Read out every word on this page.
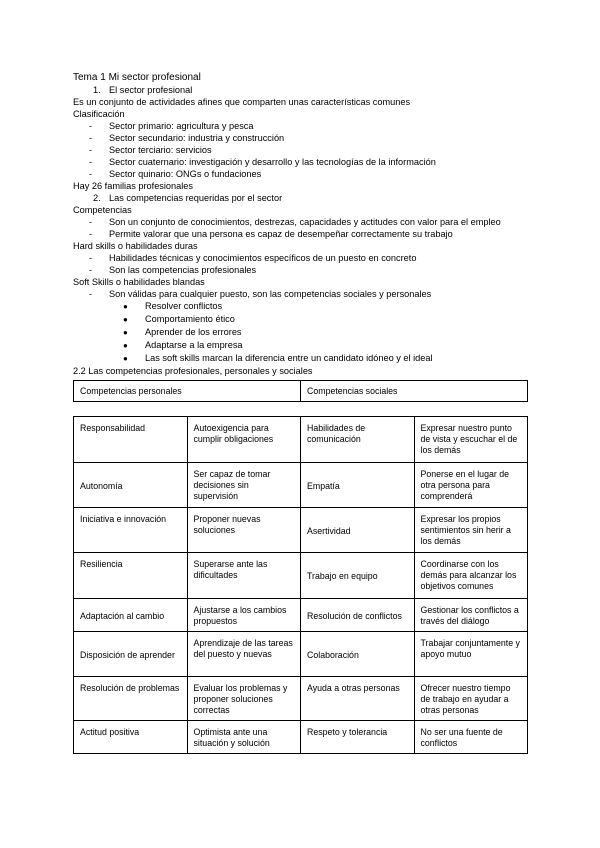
Tema 1 Mi sector profesional
1. El sector profesional
Es un conjunto de actividades afines que comparten unas características comunes
Clasificación
- Sector primario: agricultura y pesca
- Sector secundario: industria y construcción
- Sector terciario: servicios
- Sector cuaternario: investigación y desarrollo y las tecnologías de la información
- Sector quinario: ONGs o fundaciones
Hay 26 familias profesionales
2. Las competencias requeridas por el sector
Competencias
- Son un conjunto de conocimientos, destrezas, capacidades y actitudes con valor para el empleo
- Permite valorar que una persona es capaz de desempeñar correctamente su trabajo
Hard skills o habilidades duras
- Habilidades técnicas y conocimientos específicos de un puesto en concreto
- Son las competencias profesionales
Soft Skills o habilidades blandas
- Son válidas para cualquier puesto, son las competencias sociales y personales
● Resolver conflictos
● Comportamiento ético
● Aprender de los errores
● Adaptarse a la empresa
● Las soft skills marcan la diferencia entre un candidato idóneo y el ideal
2.2 Las competencias profesionales, personales y sociales
Competencias personales	Competencias sociales
Responsabilidad	Autoexigencia para cumplir obligaciones	Habilidades de comunicación	Expresar nuestro punto de vista y escuchar el de los demás
Autonomía	Ser capaz de tomar decisiones sin supervisión	Empatía	Ponerse en el lugar de otra persona para comprenderá
Iniciativa e innovación	Proponer nuevas soluciones	Asertividad	Expresar los propios sentimientos sin herir a los demás
Resiliencia	Superarse ante las dificultades	Trabajo en equipo	Coordinarse con los demás para alcanzar los objetivos comunes
Adaptación al cambio	Ajustarse a los cambios propuestos	Resolución de conflictos	Gestionar los conflictos a través del diálogo
Disposición de aprender	Aprendizaje de las tareas del puesto y nuevas	Colaboración	Trabajar conjuntamente y apoyo mutuo
Resolución de problemas	Evaluar los problemas y proponer soluciones correctas	Ayuda a otras personas	Ofrecer nuestro tiempo de trabajo en ayudar a otras personas
Actitud positiva	Optimista ante una situación y solución	Respeto y tolerancia	No ser una fuente de conflictos
